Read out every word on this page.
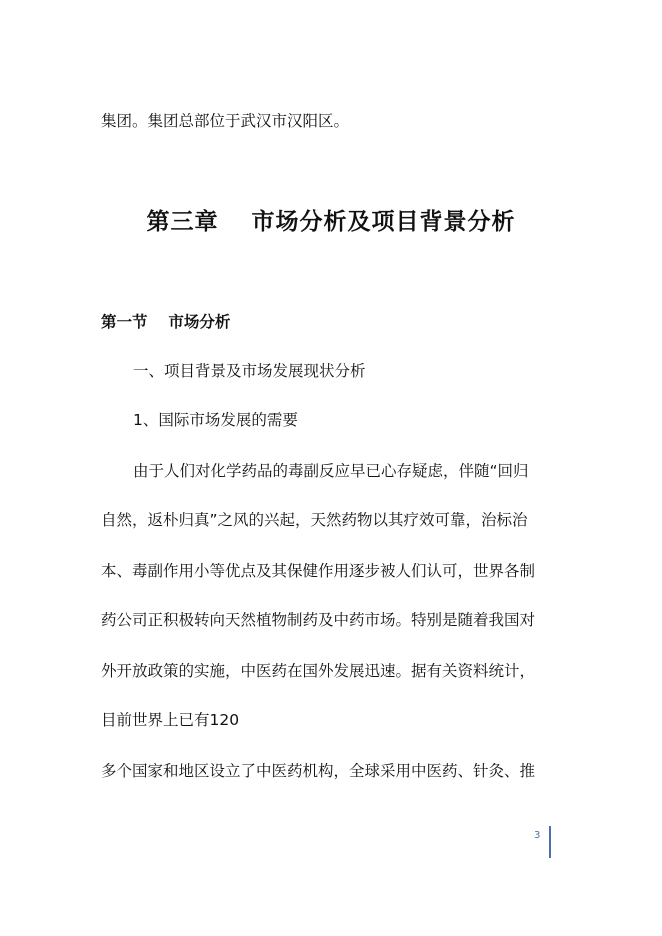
集团。集团总部位于武汉市汉阳区。
第三章　 市场分析及项目背景分析
第一节　 市场分析
一、项目背景及市场发展现状分析
1、国际市场发展的需要
由于人们对化学药品的毒副反应早已心存疑虑，伴随“回归
自然，返朴归真”之风的兴起，天然药物以其疗效可靠，治标治
本、毒副作用小等优点及其保健作用逐步被人们认可，世界各制
药公司正积极转向天然植物制药及中药市场。特别是随着我国对
外开放政策的实施，中医药在国外发展迅速。据有关资料统计，
目前世界上已有120
多个国家和地区设立了中医药机构，全球采用中医药、针灸、推
3
